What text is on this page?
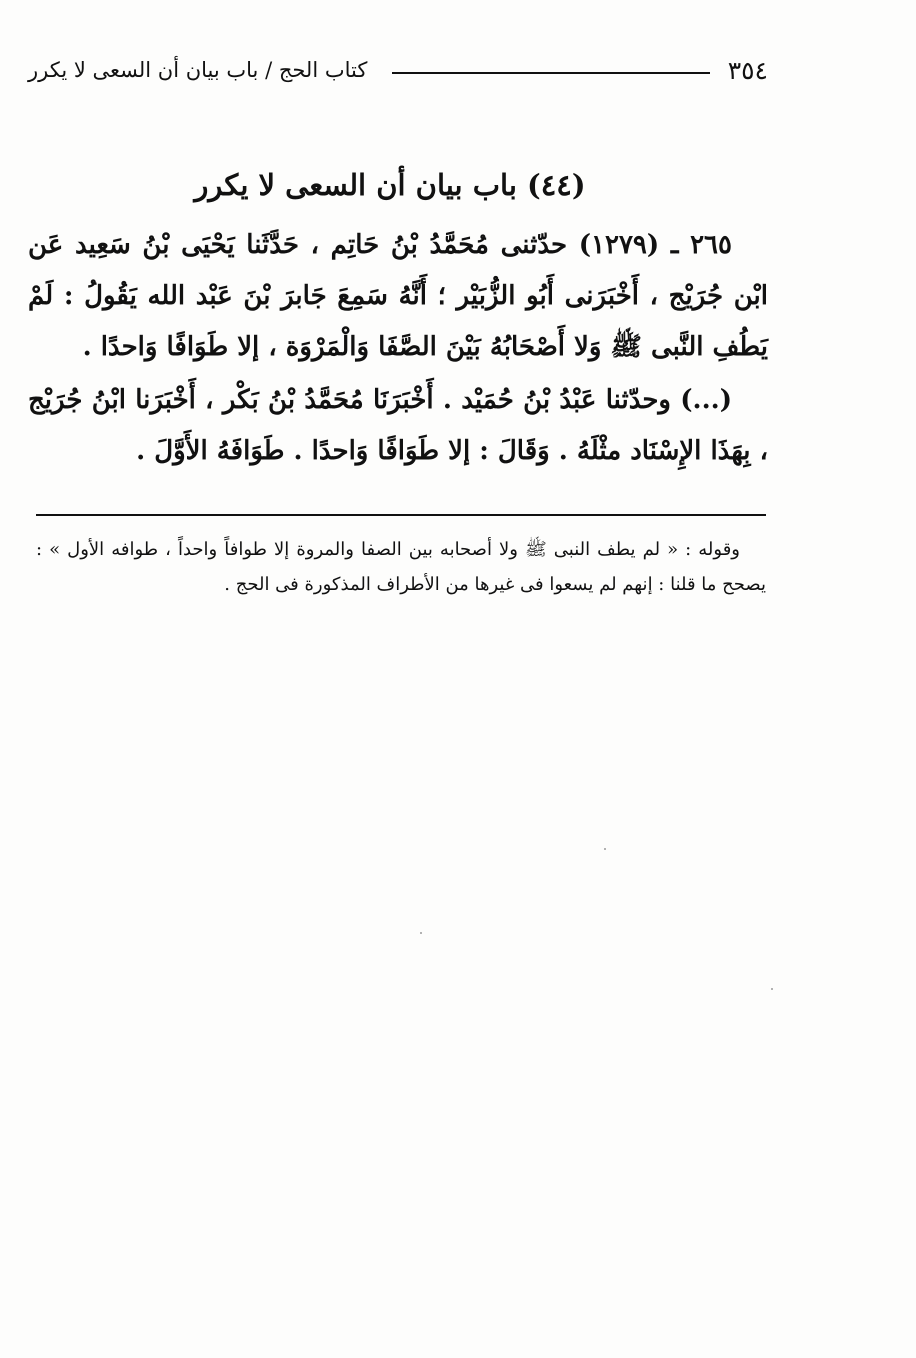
٣٥٤
كتاب الحج / باب بيان أن السعى لا يكرر
(٤٤) باب بيان أن السعى لا يكرر

٢٦٥ ـ (١٢٧٩) حدّثنى مُحَمَّدُ بْنُ حَاتِم ، حَدَّثَنا يَحْيَى بْنُ سَعِيد عَن ابْن جُرَيْج ، أَخْبَرَنى أَبُو الزُّبَيْر ؛ أَنَّهُ سَمِعَ جَابرَ بْنَ عَبْد الله يَقُولُ : لَمْ يَطُفِ النَّبى ﷺ وَلا أَصْحَابُهُ بَيْنَ الصَّفَا وَالْمَرْوَة ، إلا طَوَافًا وَاحدًا .

(...) وحدّثنا عَبْدُ بْنُ حُمَيْد . أَخْبَرَنَا مُحَمَّدُ بْنُ بَكْر ، أَخْبَرَنا ابْنُ جُرَيْج ، بِهَذَا الإِسْنَاد مثْلَهُ . وَقَالَ : إلا طَوَافًا وَاحدًا . طَوَافَهُ الأَوَّلَ .

وقوله : « لم يطف النبى ﷺ ولا أصحابه بين الصفا والمروة إلا طوافاً واحداً ، طوافه الأول » : يصحح ما قلنا : إنهم لم يسعوا فى غيرها من الأطراف المذكورة فى الحج .
